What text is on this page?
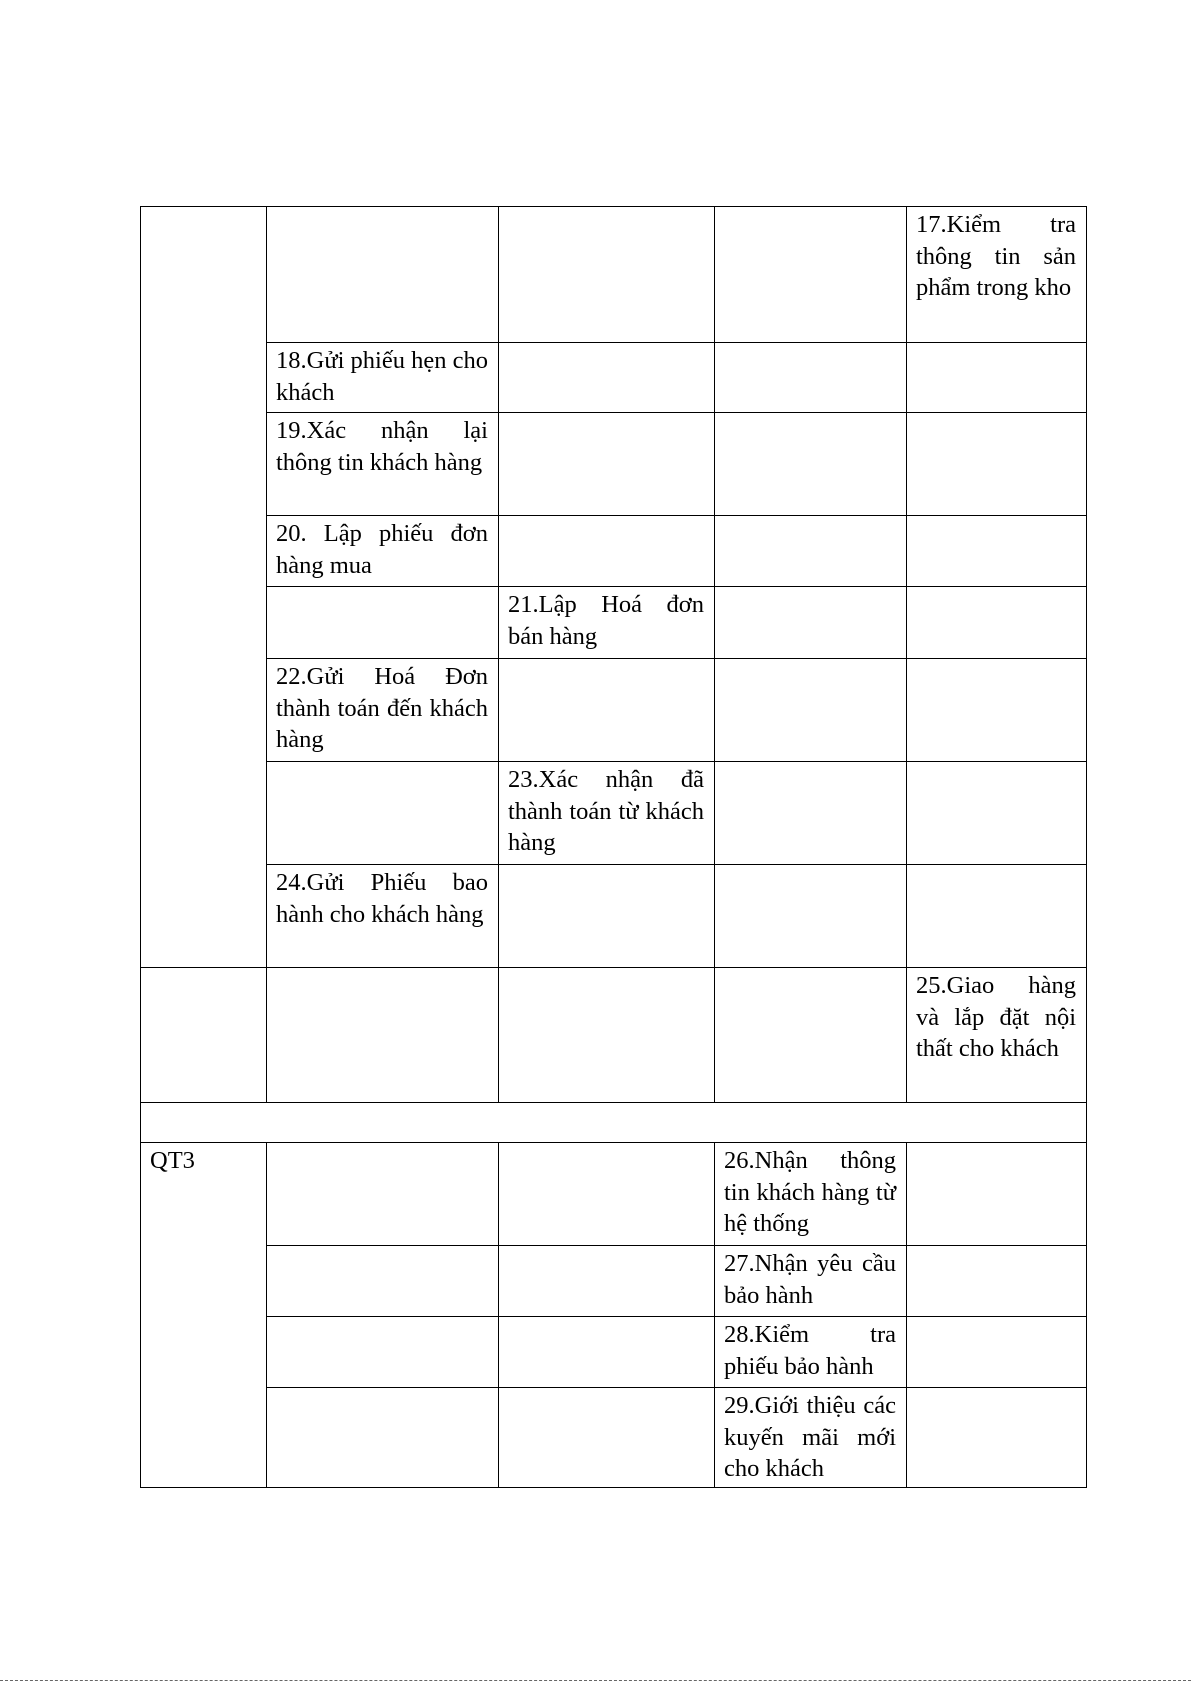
				17.Kiểm tra thông tin sản phẩm trong kho
	18.Gửi phiếu hẹn cho khách			
	19.Xác nhận lại thông tin khách hàng			
	20. Lập phiếu đơn hàng mua			
		21.Lập Hoá đơn bán hàng		
	22.Gửi Hoá Đơn thành toán đến khách hàng			
		23.Xác nhận đã thành toán từ khách hàng		
	24.Gửi Phiếu bao hành cho khách hàng			
				25.Giao hàng và lắp đặt nội thất cho khách

QT3			26.Nhận thông tin khách hàng từ hệ thống	
			27.Nhận yêu cầu bảo hành	
			28.Kiểm tra phiếu bảo hành	
			29.Giới thiệu các kuyến mãi mới cho khách	
